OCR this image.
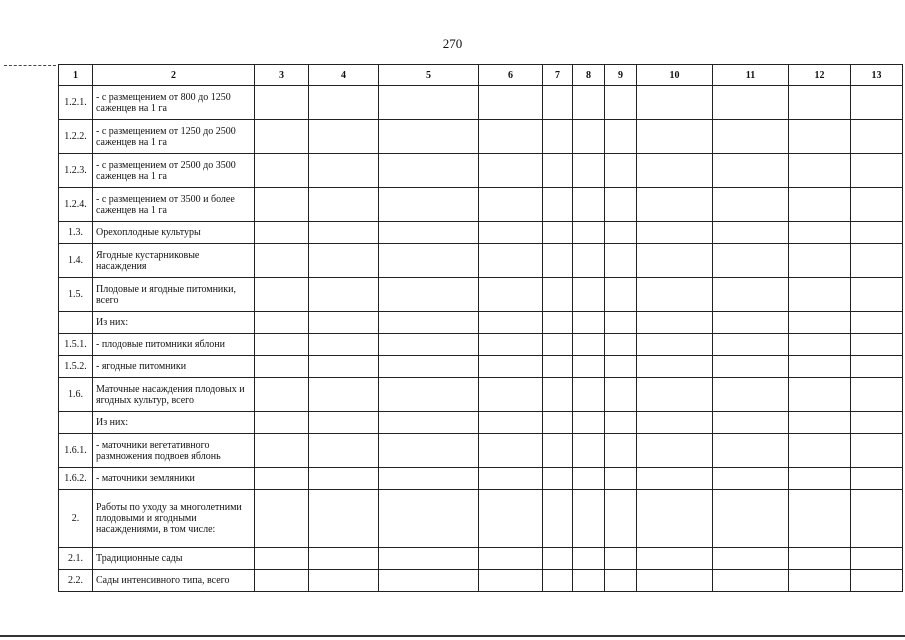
270
1	2	3	4	5	6	7	8	9	10	11	12	13
1.2.1.	- с размещением от 800 до 1250 саженцев на 1 га											
1.2.2.	- с размещением от 1250 до 2500 саженцев на 1 га											
1.2.3.	- с размещением от 2500 до 3500 саженцев на 1 га											
1.2.4.	- с размещением от 3500 и более саженцев на 1 га											
1.3.	Орехоплодные культуры											
1.4.	Ягодные кустарниковые насаждения											
1.5.	Плодовые и ягодные питомники, всего											
	Из них:											
1.5.1.	- плодовые питомники яблони											
1.5.2.	- ягодные питомники											
1.6.	Маточные насаждения плодовых и ягодных культур, всего											
	Из них:											
1.6.1.	- маточники вегетативного размножения подвоев яблонь											
1.6.2.	- маточники земляники											
2.	Работы по уходу за многолетними плодовыми и ягодными насаждениями, в том числе:											
2.1.	Традиционные сады											
2.2.	Сады интенсивного типа, всего											
